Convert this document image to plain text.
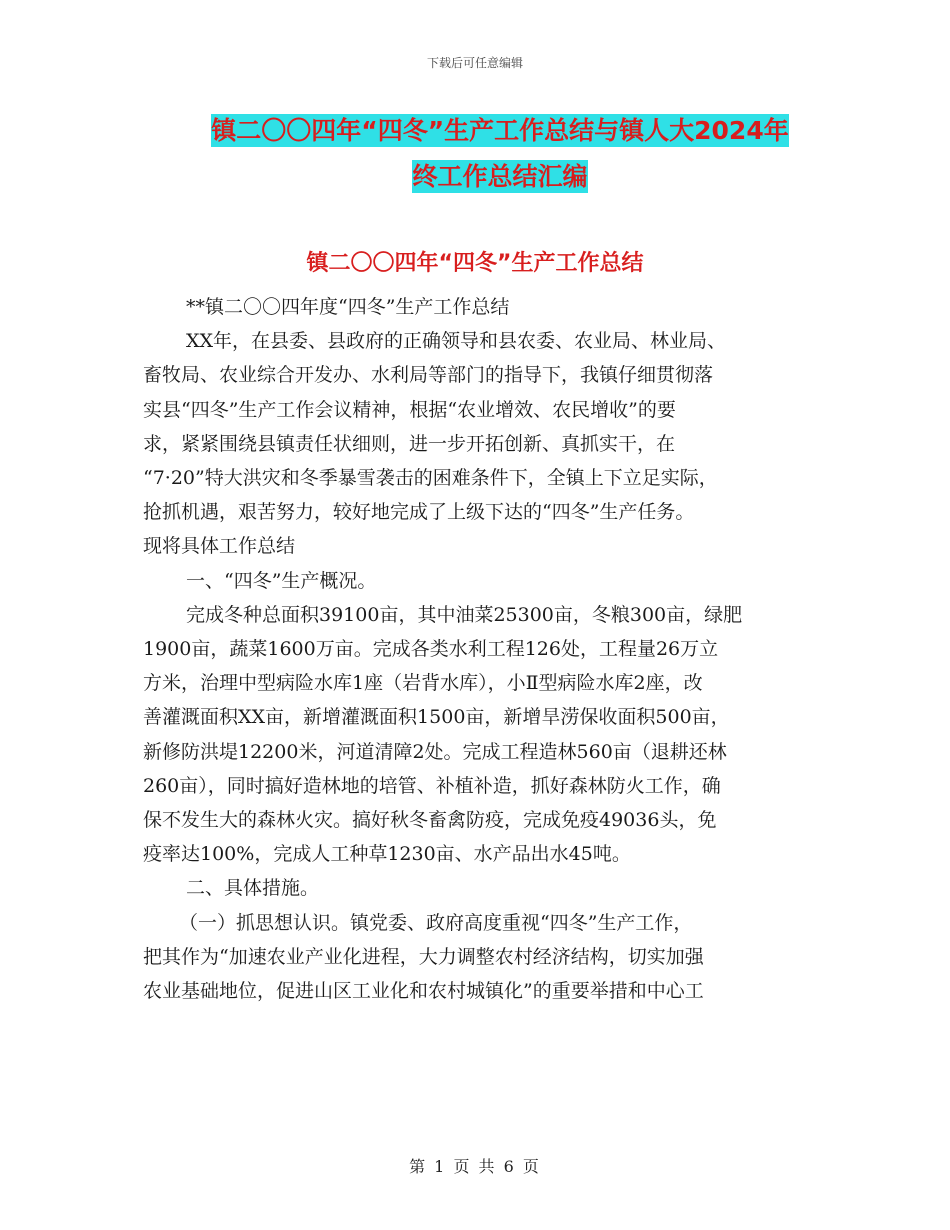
下载后可任意编辑
镇二〇〇四年“四冬”生产工作总结与镇人大2024年
终工作总结汇编
镇二〇〇四年“四冬”生产工作总结

**镇二〇〇四年度“四冬”生产工作总结

XX年，在县委、县政府的正确领导和县农委、农业局、林业局、

畜牧局、农业综合开发办、水利局等部门的指导下，我镇仔细贯彻落

实县“四冬”生产工作会议精神，根据“农业增效、农民增收”的要

求，紧紧围绕县镇责任状细则，进一步开拓创新、真抓实干，在

“7·20”特大洪灾和冬季暴雪袭击的困难条件下，全镇上下立足实际，

抢抓机遇，艰苦努力，较好地完成了上级下达的“四冬”生产任务。

现将具体工作总结

一、“四冬”生产概况。

完成冬种总面积39100亩，其中油菜25300亩，冬粮300亩，绿肥

1900亩，蔬菜1600万亩。完成各类水利工程126处，工程量26万立

方米，治理中型病险水库1座（岩背水库），小Ⅱ型病险水库2座，改

善灌溉面积XX亩，新增灌溉面积1500亩，新增旱涝保收面积500亩，

新修防洪堤12200米，河道清障2处。完成工程造林560亩（退耕还林

260亩），同时搞好造林地的培管、补植补造，抓好森林防火工作，确

保不发生大的森林火灾。搞好秋冬畜禽防疫，完成免疫49036头，免

疫率达100%，完成人工种草1230亩、水产品出水45吨。

二、具体措施。

（一）抓思想认识。镇党委、政府高度重视“四冬”生产工作，

把其作为“加速农业产业化进程，大力调整农村经济结构，切实加强

农业基础地位，促进山区工业化和农村城镇化”的重要举措和中心工

第 1 页 共 6 页
